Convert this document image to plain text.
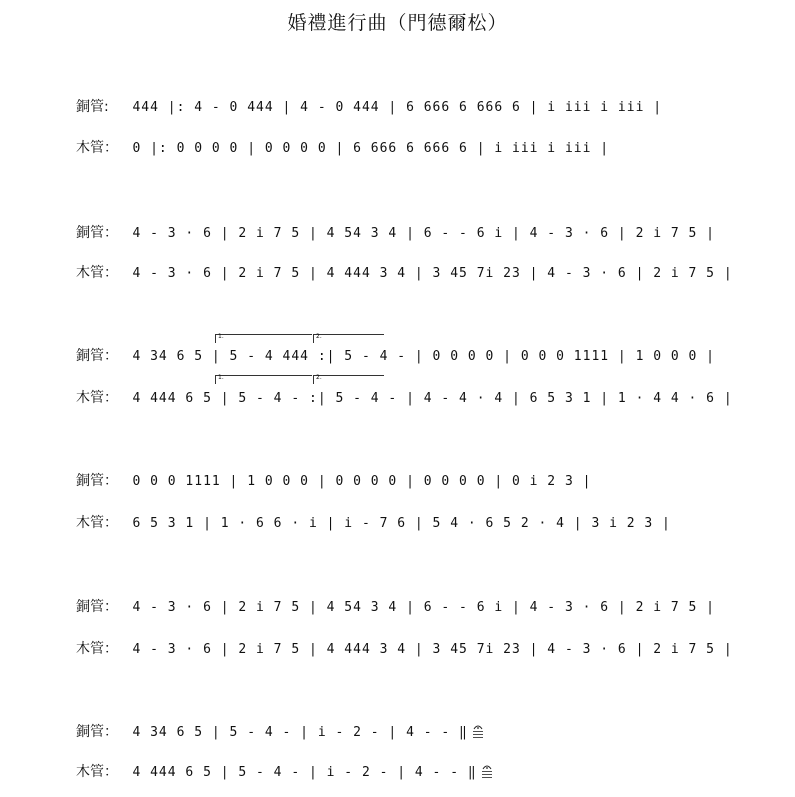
婚禮進行曲（門德爾松）
銅管: 444 |: 4 - 0 444 | 4 - 0 444 | 6 666 6 666 6 | i iii i iii |
木管： 0 |: 0 0 0 0 | 0 0 0 0 | 6 666 6 666 6 | i iii i iii |
銅管： 4 - 3 · 6 | 2 i 7 5 | 4 54 3 4 | 6 - - 6 i | 4 - 3 · 6 | 2 i 7 5 |
木管： 4 - 3 · 6 | 2 i 7 5 | 4 444 3 4 | 3 45 7i 23 | 4 - 3 · 6 | 2 i 7 5 |
1.	2.
銅管： 4 34 6 5 | 5 - 4 444 :| 5 - 4 - | 0 0 0 0 | 0 0 0 1111 | 1 0 0 0 |
1.	2.
木管： 4 444 6 5 | 5 - 4 - :| 5 - 4 - | 4 - 4 · 4 | 6 5 3 1 | 1 · 4 4 · 6 |
銅管： 0 0 0 1111 | 1 0 0 0 | 0 0 0 0 | 0 0 0 0 | 0 i 2 3 |
木管： 6 5 3 1 | 1 · 6 6 · i | i - 7 6 | 5 4 · 6 5 2 · 4 | 3 i 2 3 |
銅管： 4 - 3 · 6 | 2 i 7 5 | 4 54 3 4 | 6 - - 6 i | 4 - 3 · 6 | 2 i 7 5 |
木管： 4 - 3 · 6 | 2 i 7 5 | 4 444 3 4 | 3 45 7i 23 | 4 - 3 · 6 | 2 i 7 5 |
銅管： 4 34 6 5 | 5 - 4 - | i - 2 - | 4 - - ‖
木管： 4 444 6 5 | 5 - 4 - | i - 2 - | 4 - - ‖
